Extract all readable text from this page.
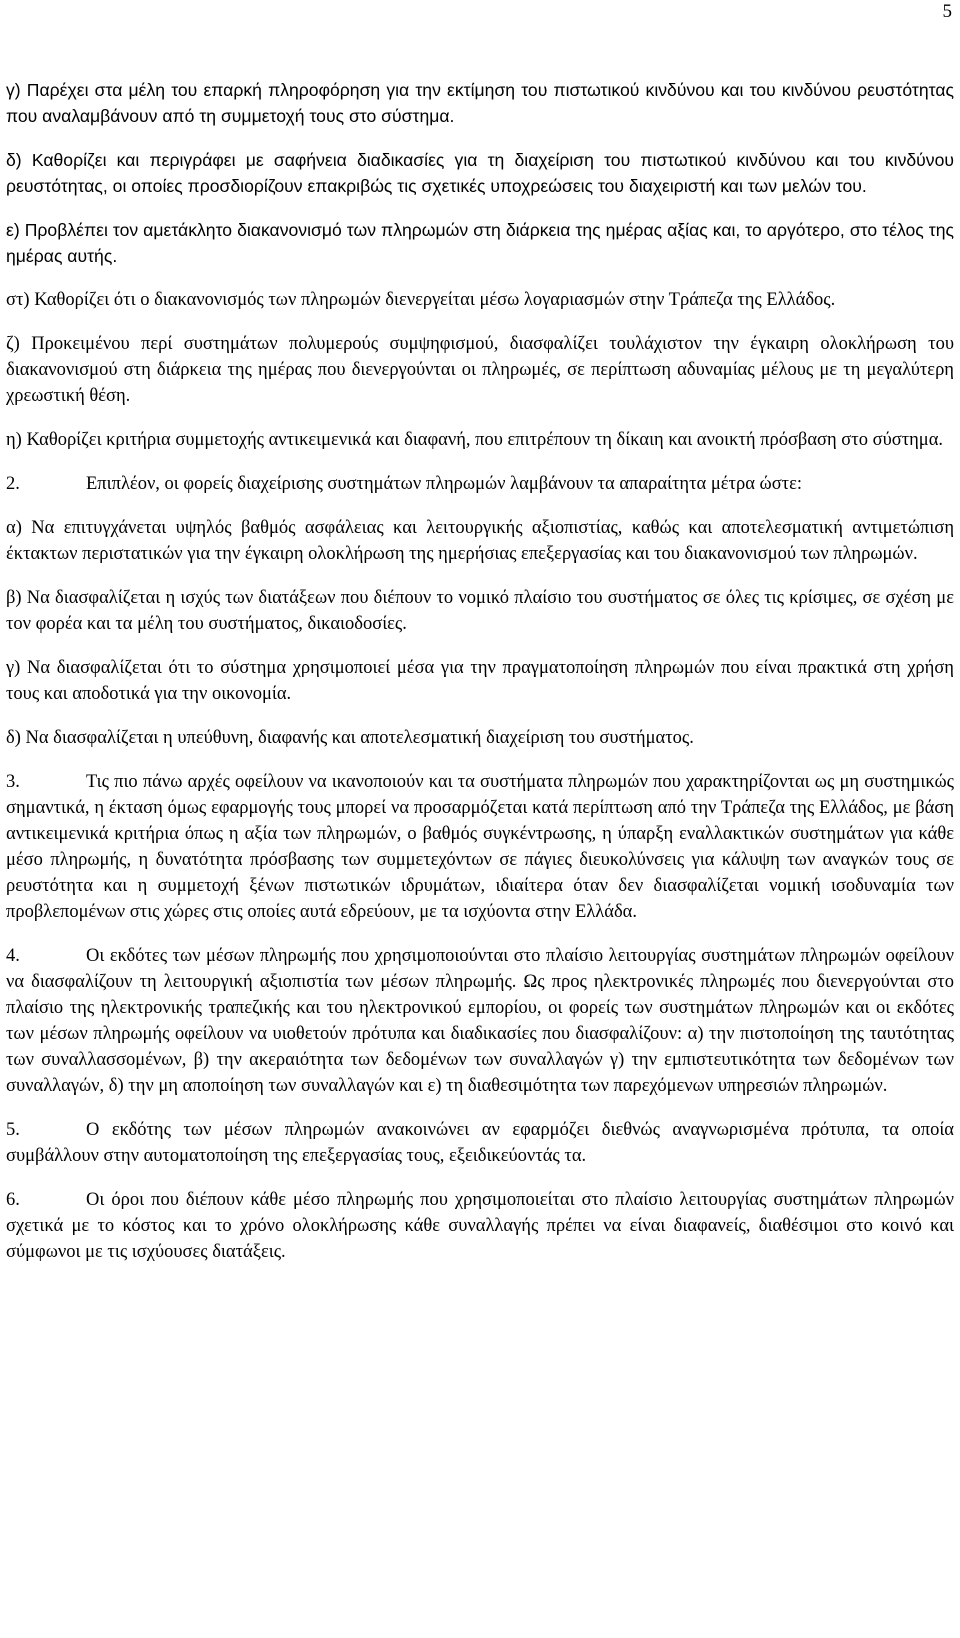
5

γ) Παρέχει στα μέλη του επαρκή πληροφόρηση για την εκτίμηση του πιστωτικού κινδύνου και του κινδύνου ρευστότητας που αναλαμβάνουν από τη συμμετοχή τους στο σύστημα.

δ) Καθορίζει και περιγράφει με σαφήνεια διαδικασίες για τη διαχείριση του πιστωτικού κινδύνου και του κινδύνου ρευστότητας, οι οποίες προσδιορίζουν επακριβώς τις σχετικές υποχρεώσεις του διαχειριστή και των μελών του.

ε) Προβλέπει τον αμετάκλητο διακανονισμό των πληρωμών στη διάρκεια της ημέρας αξίας και, το αργότερο, στο τέλος της ημέρας αυτής.

στ) Καθορίζει ότι ο διακανονισμός των πληρωμών διενεργείται μέσω λογαριασμών στην Τράπεζα της Ελλάδος.

ζ) Προκειμένου περί συστημάτων πολυμερούς συμψηφισμού, διασφαλίζει τουλάχιστον την έγκαιρη ολοκλήρωση του διακανονισμού στη διάρκεια της ημέρας που διενεργούνται οι πληρωμές, σε περίπτωση αδυναμίας μέλους με τη μεγαλύτερη χρεωστική θέση.

η) Καθορίζει κριτήρια συμμετοχής αντικειμενικά και διαφανή, που επιτρέπουν τη δίκαιη και ανοικτή πρόσβαση στο σύστημα.

2.	Επιπλέον, οι φορείς διαχείρισης συστημάτων πληρωμών λαμβάνουν τα απαραίτητα μέτρα ώστε:

α) Να επιτυγχάνεται υψηλός βαθμός ασφάλειας και λειτουργικής αξιοπιστίας, καθώς και αποτελεσματική αντιμετώπιση έκτακτων περιστατικών για την έγκαιρη ολοκλήρωση της ημερήσιας επεξεργασίας και του διακανονισμού των πληρωμών.

β) Να διασφαλίζεται η ισχύς των διατάξεων που διέπουν το νομικό πλαίσιο του συστήματος σε όλες τις κρίσιμες, σε σχέση με τον φορέα και τα μέλη του συστήματος, δικαιοδοσίες.

γ) Να διασφαλίζεται ότι το σύστημα χρησιμοποιεί μέσα για την πραγματοποίηση πληρωμών που είναι πρακτικά στη χρήση τους και αποδοτικά για την οικονομία.

δ) Να διασφαλίζεται η υπεύθυνη, διαφανής και αποτελεσματική διαχείριση του συστήματος.

3.	Τις πιο πάνω αρχές οφείλουν να ικανοποιούν και τα συστήματα πληρωμών που χαρακτηρίζονται ως μη συστημικώς σημαντικά, η έκταση όμως εφαρμογής τους μπορεί να προσαρμόζεται κατά περίπτωση από την Τράπεζα της Ελλάδος, με βάση αντικειμενικά κριτήρια όπως η αξία των πληρωμών, ο βαθμός συγκέντρωσης, η ύπαρξη εναλλακτικών συστημάτων για κάθε μέσο πληρωμής, η δυνατότητα πρόσβασης των συμμετεχόντων σε πάγιες διευκολύνσεις για κάλυψη των αναγκών τους σε ρευστότητα και η συμμετοχή ξένων πιστωτικών ιδρυμάτων, ιδιαίτερα όταν δεν διασφαλίζεται νομική ισοδυναμία των προβλεπομένων στις χώρες στις οποίες αυτά εδρεύουν, με τα ισχύοντα στην Ελλάδα.

4.	Οι εκδότες των μέσων πληρωμής που χρησιμοποιούνται στο πλαίσιο λειτουργίας συστημάτων πληρωμών οφείλουν να διασφαλίζουν τη λειτουργική αξιοπιστία των μέσων πληρωμής. Ως προς ηλεκτρονικές πληρωμές που διενεργούνται στο πλαίσιο της ηλεκτρονικής τραπεζικής και του ηλεκτρονικού εμπορίου, οι φορείς των συστημάτων πληρωμών και οι εκδότες των μέσων πληρωμής οφείλουν να υιοθετούν πρότυπα και διαδικασίες που διασφαλίζουν: α) την πιστοποίηση της ταυτότητας των συναλλασσομένων, β) την ακεραιότητα των δεδομένων των συναλλαγών γ) την εμπιστευτικότητα των δεδομένων των συναλλαγών, δ) την μη αποποίηση των συναλλαγών και ε) τη διαθεσιμότητα των παρεχόμενων υπηρεσιών πληρωμών.

5.	Ο εκδότης των μέσων πληρωμών ανακοινώνει αν εφαρμόζει διεθνώς αναγνωρισμένα πρότυπα, τα οποία συμβάλλουν στην αυτοματοποίηση της επεξεργασίας τους, εξειδικεύοντάς τα.

6.	Οι όροι που διέπουν κάθε μέσο πληρωμής που χρησιμοποιείται στο πλαίσιο λειτουργίας συστημάτων πληρωμών σχετικά με το κόστος και το χρόνο ολοκλήρωσης κάθε συναλλαγής πρέπει να είναι διαφανείς, διαθέσιμοι στο κοινό και σύμφωνοι με τις ισχύουσες διατάξεις.
